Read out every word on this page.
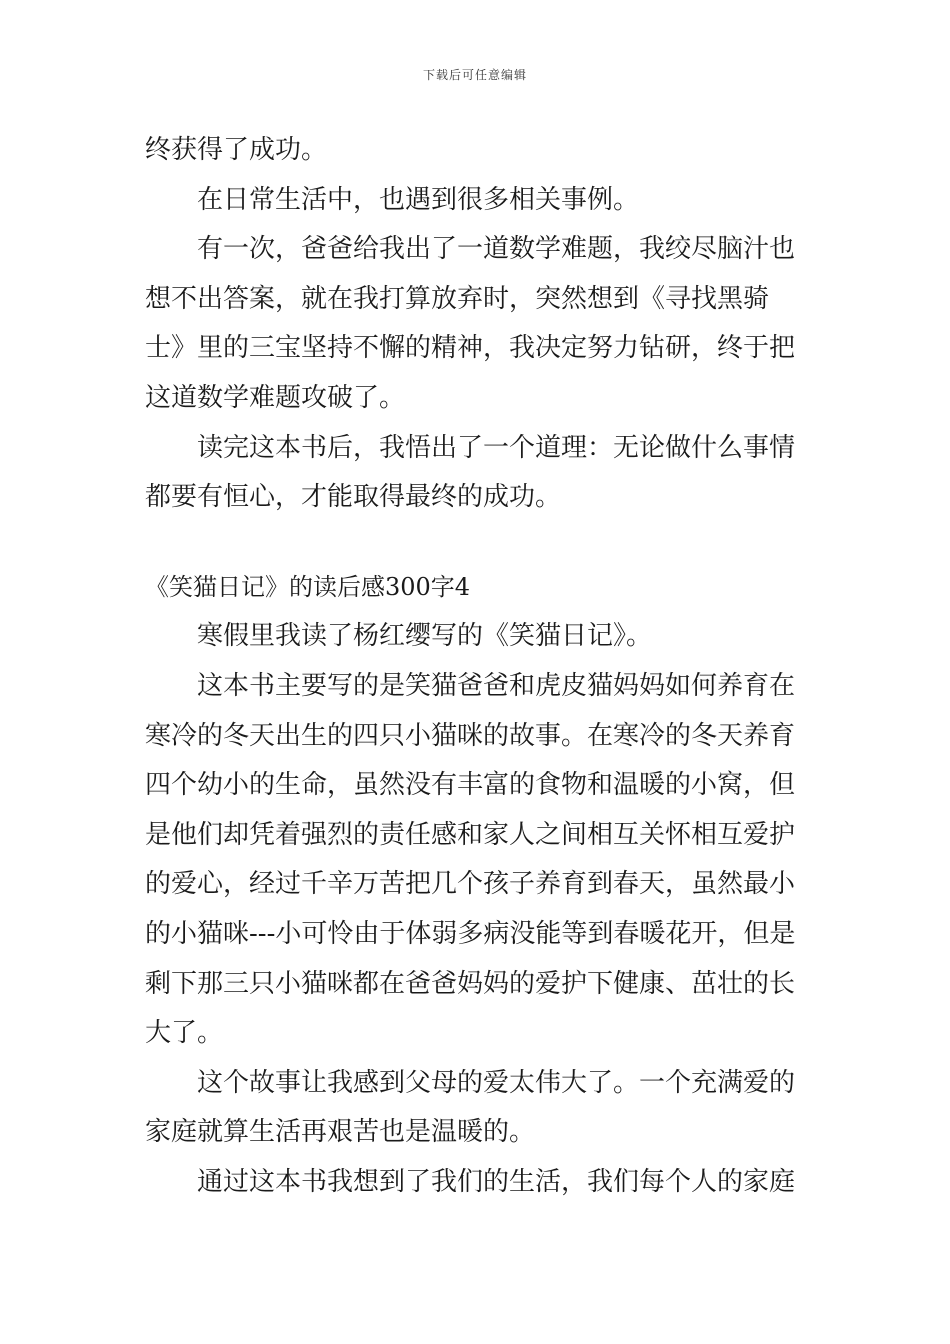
下载后可任意编辑
终获得了成功。
在日常生活中，也遇到很多相关事例。
有一次，爸爸给我出了一道数学难题，我绞尽脑汁也
想不出答案，就在我打算放弃时，突然想到《寻找黑骑
士》里的三宝坚持不懈的精神，我决定努力钻研，终于把
这道数学难题攻破了。
读完这本书后，我悟出了一个道理：无论做什么事情
都要有恒心，才能取得最终的成功。
《笑猫日记》的读后感300字4
寒假里我读了杨红缨写的《笑猫日记》。
这本书主要写的是笑猫爸爸和虎皮猫妈妈如何养育在
寒冷的冬天出生的四只小猫咪的故事。在寒冷的冬天养育
四个幼小的生命，虽然没有丰富的食物和温暖的小窝，但
是他们却凭着强烈的责任感和家人之间相互关怀相互爱护
的爱心，经过千辛万苦把几个孩子养育到春天，虽然最小
的小猫咪---小可怜由于体弱多病没能等到春暖花开，但是
剩下那三只小猫咪都在爸爸妈妈的爱护下健康、茁壮的长
大了。
这个故事让我感到父母的爱太伟大了。一个充满爱的
家庭就算生活再艰苦也是温暖的。
通过这本书我想到了我们的生活，我们每个人的家庭
